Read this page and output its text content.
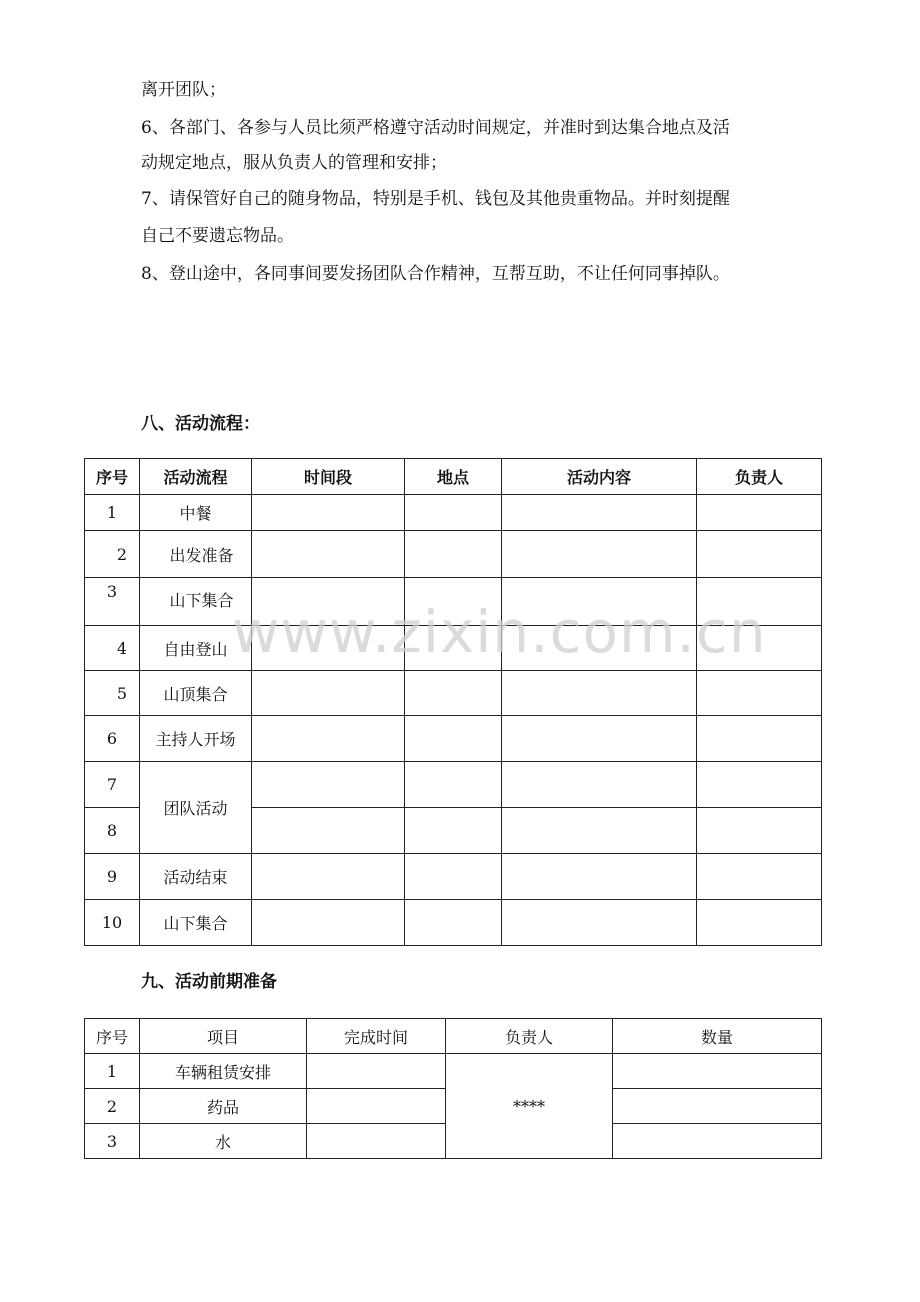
离开团队；
6、各部门、各参与人员比须严格遵守活动时间规定，并准时到达集合地点及活
动规定地点，服从负责人的管理和安排；
7、请保管好自己的随身物品，特别是手机、钱包及其他贵重物品。并时刻提醒
自己不要遗忘物品。
8、登山途中，各同事间要发扬团队合作精神，互帮互助，不让任何同事掉队。
八、活动流程：
序号	活动流程	时间段	地点	活动内容	负责人
1	中餐				
2	出发准备				
3	山下集合				
4	自由登山				
5	山顶集合				
6	主持人开场				
7	团队活动				
8					
9	活动结束				
10	山下集合				
www.zixin.com.cn
九、活动前期准备
序号	项目	完成时间	负责人	数量
1	车辆租赁安排		****	
2	药品			
3	水			
